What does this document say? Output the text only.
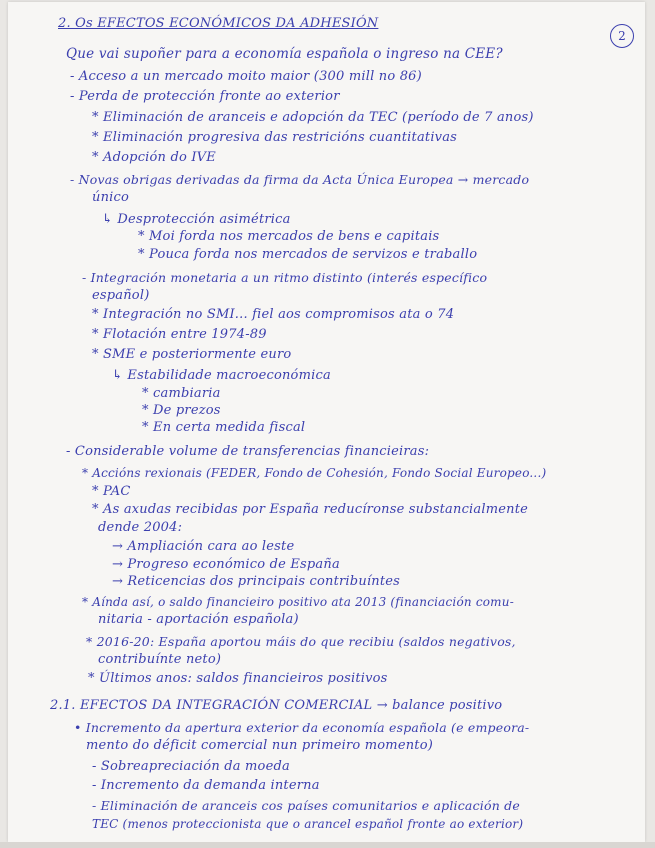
2
2. Os EFECTOS ECONÓMICOS DA ADHESIÓN
Que vai supoñer para a economía española o ingreso na CEE?
- Acceso a un mercado moito maior (300 mill no 86)
- Perda de protección fronte ao exterior
* Eliminación de aranceis e adopción da TEC (período de 7 anos)
* Eliminación progresiva das restricións cuantitativas
* Adopción do IVE
- Novas obrigas derivadas da firma da Acta Única Europea → mercado
único
↳ Desprotección asimétrica
* Moi forda nos mercados de bens e capitais
* Pouca forda nos mercados de servizos e traballo
- Integración monetaria a un ritmo distinto (interés específico
español)
* Integración no SMI... fiel aos compromisos ata o 74
* Flotación entre 1974-89
* SME e posteriormente euro
↳ Estabilidade macroeconómica
* cambiaria
* De prezos
* En certa medida fiscal
- Considerable volume de transferencias financieiras:
* Accións rexionais (FEDER, Fondo de Cohesión, Fondo Social Europeo...)
* PAC
* As axudas recibidas por España reducíronse substancialmente
dende 2004:
→ Ampliación cara ao leste
→ Progreso económico de España
→ Reticencias dos principais contribuíntes
* Aínda así, o saldo financieiro positivo ata 2013 (financiación comu-
nitaria - aportación española)
* 2016-20: España aportou máis do que recibiu (saldos negativos,
contribuínte neto)
* Últimos anos: saldos financieiros positivos
2.1. EFECTOS DA INTEGRACIÓN COMERCIAL → balance positivo
• Incremento da apertura exterior da economía española (e empeora-
mento do déficit comercial nun primeiro momento)
- Sobreapreciación da moeda
- Incremento da demanda interna
- Eliminación de aranceis cos países comunitarios e aplicación de
TEC (menos proteccionista que o arancel español fronte ao exterior)
